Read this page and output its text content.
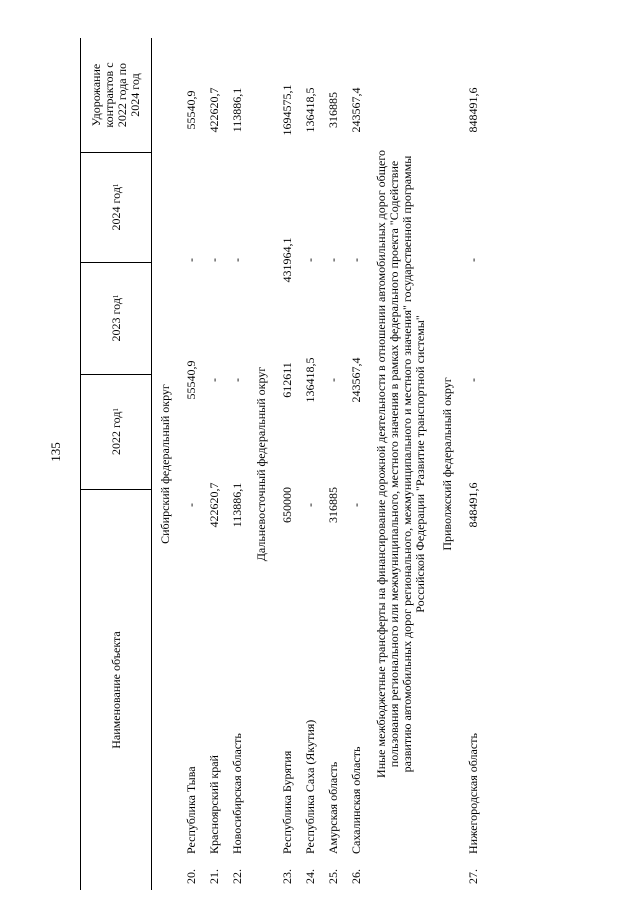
135
Наименование объекта
2022 год
1
2023 год
1
2024 год
1
Удорожание контрактов с 2022 года по 2024 год
Сибирский федеральный округ
20.
Республика Тыва
-
55540,9
-
55540,9
21.
Красноярский край
422620,7
-
-
422620,7
22.
Новосибирская область
113886,1
-
-
113886,1
Дальневосточный федеральный округ
23.
Республика Бурятия
650000
612611
431964,1
1694575,1
24.
Республика Саха (Якутия)
-
136418,5
-
136418,5
25.
Амурская область
316885
-
-
316885
26.
Сахалинская область
-
243567,4
-
243567,4
Иные межбюджетные трансферты на финансирование дорожной деятельности в отношении автомобильных дорог общего пользования регионального или межмуниципального, местного значения в рамках федерального проекта "Содействие развитию автомобильных дорог регионального, межмуниципального и местного значения" государственной программы Российской Федерации "Развитие транспортной системы" Приволжский федеральный округ
27.
Нижегородская область
848491,6
-
-
848491,6
